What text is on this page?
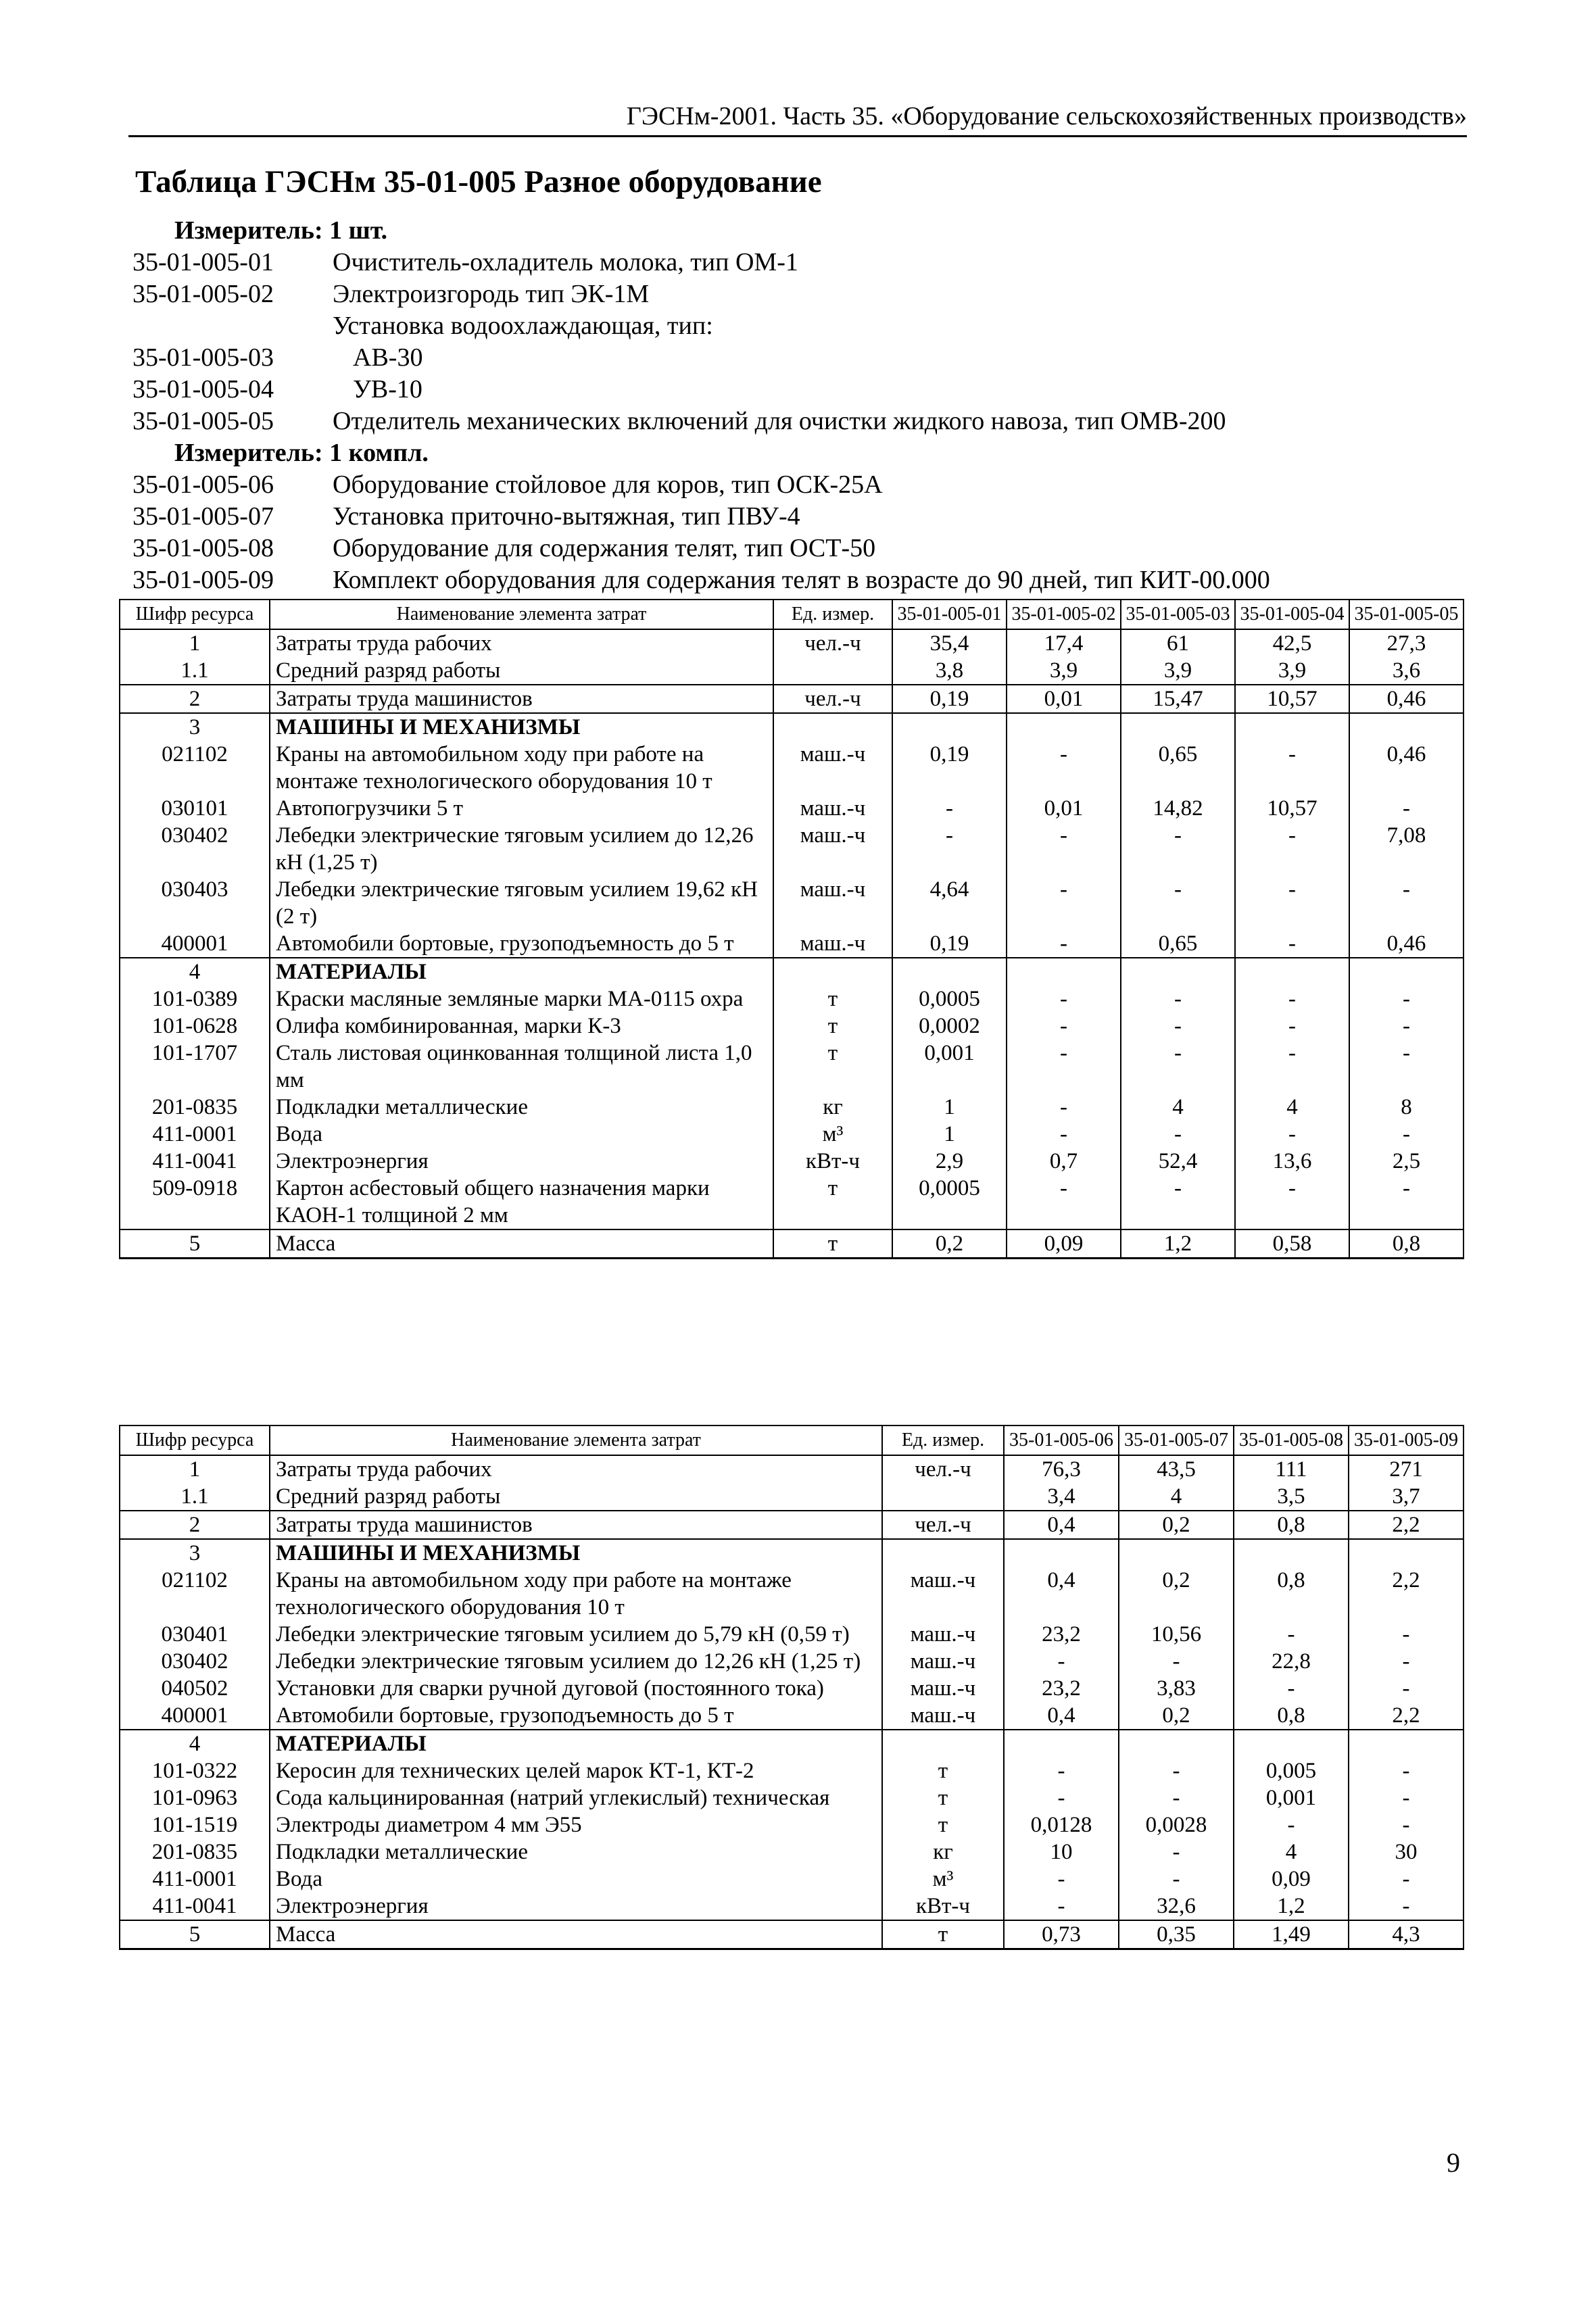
ГЭСНм-2001. Часть 35. «Оборудование сельскохозяйственных производств»
Таблица ГЭСНм 35-01-005 Разное оборудование
Измеритель: 1 шт.
35-01-005-01 Очиститель-охладитель молока, тип ОМ-1
35-01-005-02 Электроизгородь тип ЭК-1М
Установка водоохлаждающая, тип:
35-01-005-03	АВ-30
35-01-005-04	УВ-10
35-01-005-05 Отделитель механических включений для очистки жидкого навоза, тип ОМВ-200
Измеритель: 1 компл.
35-01-005-06 Оборудование стойловое для коров, тип ОСК-25А
35-01-005-07 Установка приточно-вытяжная, тип ПВУ-4
35-01-005-08 Оборудование для содержания телят, тип ОСТ-50
35-01-005-09 Комплект оборудования для содержания телят в возрасте до 90 дней, тип КИТ-00.000
Шифр ресурса	Наименование элемента затрат	Ед. измер.	35-01-005-01	35-01-005-02	35-01-005-03	35-01-005-04	35-01-005-05
1	Затраты труда рабочих	чел.-ч	35,4	17,4	61	42,5	27,3
1.1	Средний разряд работы		3,8	3,9	3,9	3,9	3,6
2	Затраты труда машинистов	чел.-ч	0,19	0,01	15,47	10,57	0,46
3	МАШИНЫ И МЕХАНИЗМЫ						
021102	Краны на автомобильном ходу при работе на монтаже технологического оборудования 10 т	маш.-ч	0,19	-	0,65	-	0,46
030101	Автопогрузчики 5 т	маш.-ч	-	0,01	14,82	10,57	-
030402	Лебедки электрические тяговым усилием до 12,26 кН (1,25 т)	маш.-ч	-	-	-	-	7,08
030403	Лебедки электрические тяговым усилием 19,62 кН (2 т)	маш.-ч	4,64	-	-	-	-
400001	Автомобили бортовые, грузоподъемность до 5 т	маш.-ч	0,19	-	0,65	-	0,46
4	МАТЕРИАЛЫ						
101-0389	Краски масляные земляные марки МА-0115 охра	т	0,0005	-	-	-	-
101-0628	Олифа комбинированная, марки К-3	т	0,0002	-	-	-	-
101-1707	Сталь листовая оцинкованная толщиной листа 1,0 мм	т	0,001	-	-	-	-
201-0835	Подкладки металлические	кг	1	-	4	4	8
411-0001	Вода	м³	1	-	-	-	-
411-0041	Электроэнергия	кВт-ч	2,9	0,7	52,4	13,6	2,5
509-0918	Картон асбестовый общего назначения марки КАОН-1 толщиной 2 мм	т	0,0005	-	-	-	-
5	Масса	т	0,2	0,09	1,2	0,58	0,8
Шифр ресурса	Наименование элемента затрат	Ед. измер.	35-01-005-06	35-01-005-07	35-01-005-08	35-01-005-09
1	Затраты труда рабочих	чел.-ч	76,3	43,5	111	271
1.1	Средний разряд работы		3,4	4	3,5	3,7
2	Затраты труда машинистов	чел.-ч	0,4	0,2	0,8	2,2
3	МАШИНЫ И МЕХАНИЗМЫ					
021102	Краны на автомобильном ходу при работе на монтаже технологического оборудования 10 т	маш.-ч	0,4	0,2	0,8	2,2
030401	Лебедки электрические тяговым усилием до 5,79 кН (0,59 т)	маш.-ч	23,2	10,56	-	-
030402	Лебедки электрические тяговым усилием до 12,26 кН (1,25 т)	маш.-ч	-	-	22,8	-
040502	Установки для сварки ручной дуговой (постоянного тока)	маш.-ч	23,2	3,83	-	-
400001	Автомобили бортовые, грузоподъемность до 5 т	маш.-ч	0,4	0,2	0,8	2,2
4	МАТЕРИАЛЫ					
101-0322	Керосин для технических целей марок КТ-1, КТ-2	т	-	-	0,005	-
101-0963	Сода кальцинированная (натрий углекислый) техническая	т	-	-	0,001	-
101-1519	Электроды диаметром 4 мм Э55	т	0,0128	0,0028	-	-
201-0835	Подкладки металлические	кг	10	-	4	30
411-0001	Вода	м³	-	-	0,09	-
411-0041	Электроэнергия	кВт-ч	-	32,6	1,2	-
5	Масса	т	0,73	0,35	1,49	4,3
9
